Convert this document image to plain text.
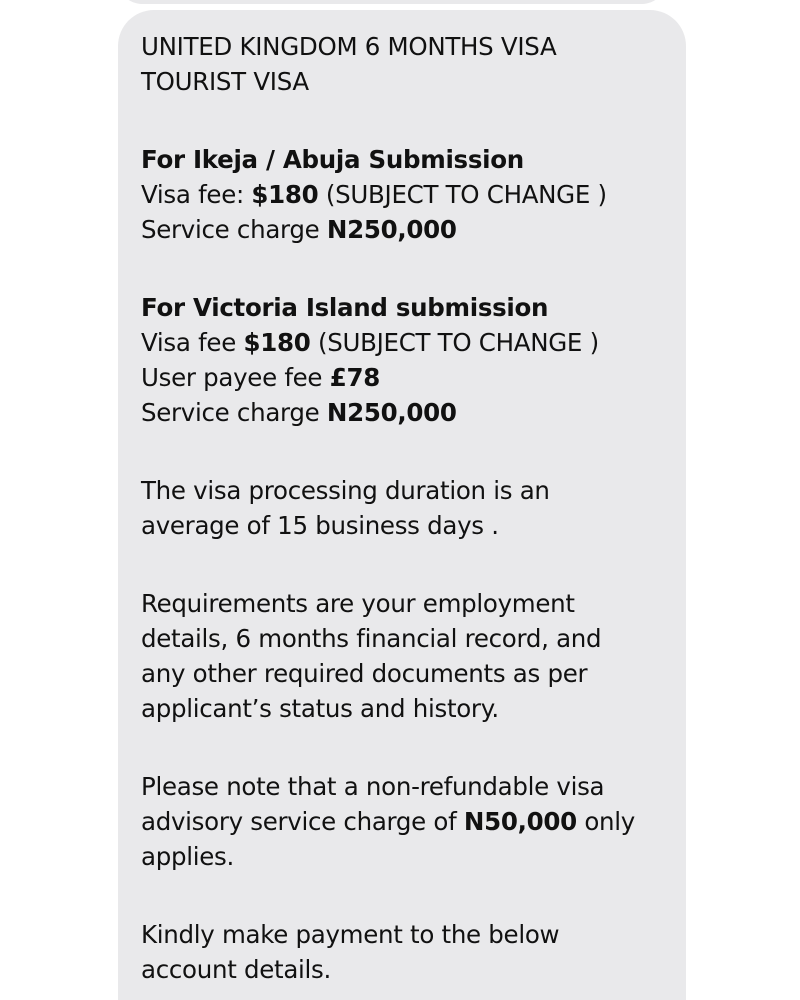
UNITED KINGDOM 6 MONTHS VISA

TOURIST VISA

For Ikeja / Abuja Submission

Visa fee: $180 (SUBJECT TO CHANGE )

Service charge N250,000

For Victoria Island submission

Visa fee $180 (SUBJECT TO CHANGE )

User payee fee £78

Service charge N250,000

The visa processing duration is an

average of 15 business days .

Requirements are your employment

details, 6 months financial record, and

any other required documents as per

applicant’s status and history.

Please note that a non-refundable visa

advisory service charge of N50,000 only

applies.

Kindly make payment to the below

account details.
